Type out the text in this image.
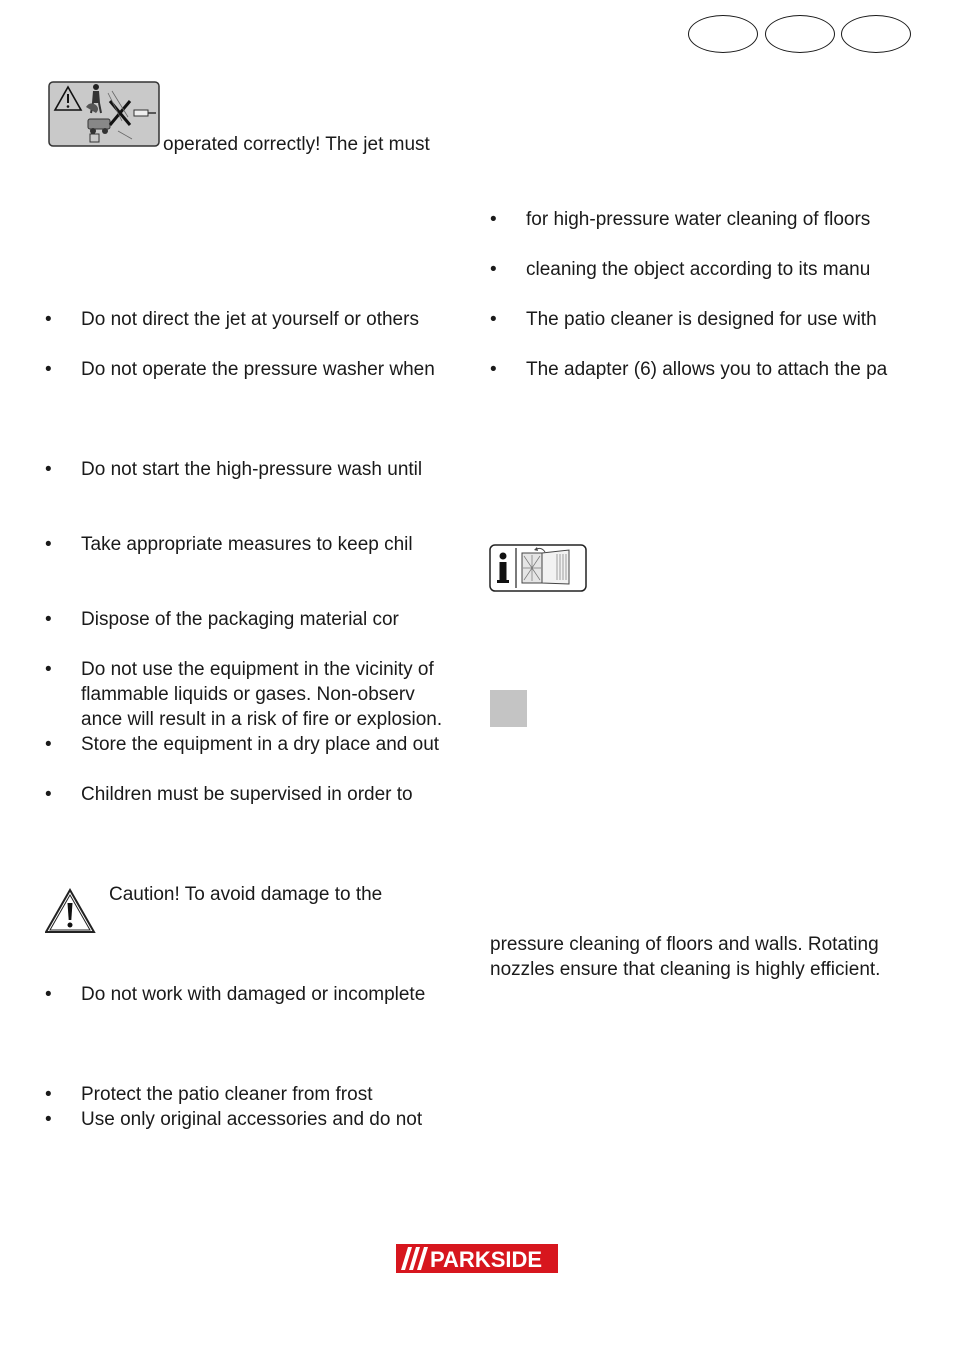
operated correctly! The jet must
• Do not direct the jet at yourself or others
• Do not operate the pressure washer when
• Do not start the high-pressure wash until
• Take appropriate measures to keep chil
• Dispose of the packaging material cor
• Do not use the equipment in the vicinity of
flammable liquids or gases. Non-observ
ance will result in a risk of fire or explosion.
• Store the equipment in a dry place and out
• Children must be supervised in order to
Caution! To avoid damage to the
• Do not work with damaged or incomplete
• Protect the patio cleaner from frost
• Use only original accessories and do not
• for high-pressure water cleaning of floors
• cleaning the object according to its manu
• The patio cleaner is designed for use with
• The adapter (6) allows you to attach the pa
pressure cleaning of floors and walls. Rotating
nozzles ensure that cleaning is highly efficient.
PARKSIDE
